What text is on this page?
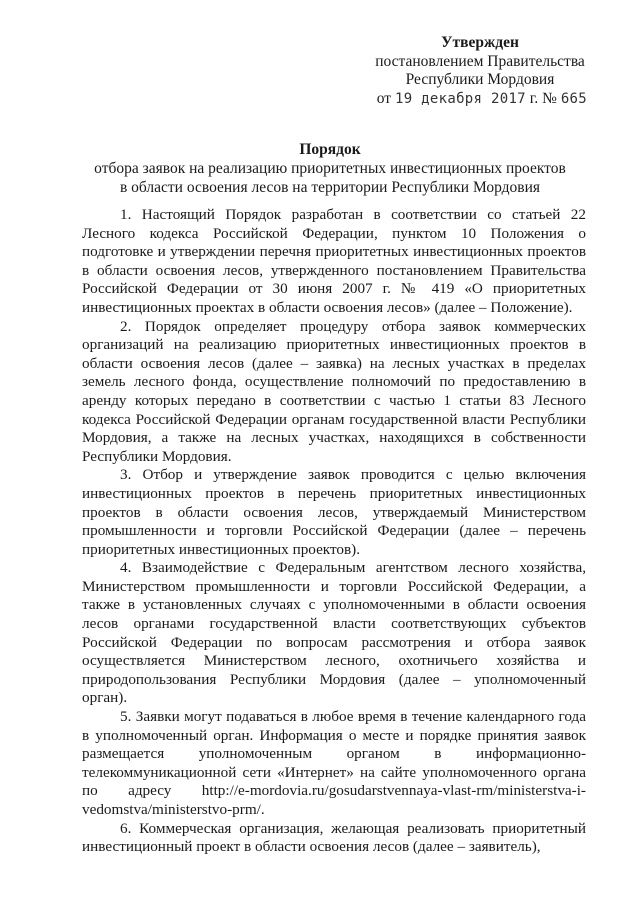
Утвержден
постановлением Правительства
Республики Мордовия
от 19 декабря 2017 г. № 665
Порядок
отбора заявок на реализацию приоритетных инвестиционных проектов
в области освоения лесов на территории Республики Мордовия

1. Настоящий Порядок разработан в соответствии со статьей 22 Лесного кодекса Российской Федерации, пунктом 10 Положения о подготовке и утверждении перечня приоритетных инвестиционных проектов в области освоения лесов, утвержденного постановлением Правительства Российской Федерации от 30 июня 2007 г. № 419 «О приоритетных инвестиционных проектах в области освоения лесов» (далее – Положение).

2. Порядок определяет процедуру отбора заявок коммерческих организаций на реализацию приоритетных инвестиционных проектов в области освоения лесов (далее – заявка) на лесных участках в пределах земель лесного фонда, осуществление полномочий по предоставлению в аренду которых передано в соответствии с частью 1 статьи 83 Лесного кодекса Российской Федерации органам государственной власти Республики Мордовия, а также на лесных участках, находящихся в собственности Республики Мордовия.

3. Отбор и утверждение заявок проводится с целью включения инвестиционных проектов в перечень приоритетных инвестиционных проектов в области освоения лесов, утверждаемый Министерством промышленности и торговли Российской Федерации (далее – перечень приоритетных инвестиционных проектов).

4. Взаимодействие с Федеральным агентством лесного хозяйства, Министерством промышленности и торговли Российской Федерации, а также в установленных случаях с уполномоченными в области освоения лесов органами государственной власти соответствующих субъектов Российской Федерации по вопросам рассмотрения и отбора заявок осуществляется Министерством лесного, охотничьего хозяйства и природопользования Республики Мордовия (далее – уполномоченный орган).

5. Заявки могут подаваться в любое время в течение календарного года в уполномоченный орган. Информация о месте и порядке принятия заявок размещается уполномоченным органом в информационно-телекоммуникационной сети «Интернет» на сайте уполномоченного органа по адресу http://e-mordovia.ru/gosudarstvennaya-vlast-rm/ministerstva-i-vedomstva/ministerstvo-prm/.

6. Коммерческая организация, желающая реализовать приоритетный инвестиционный проект в области освоения лесов (далее – заявитель),
